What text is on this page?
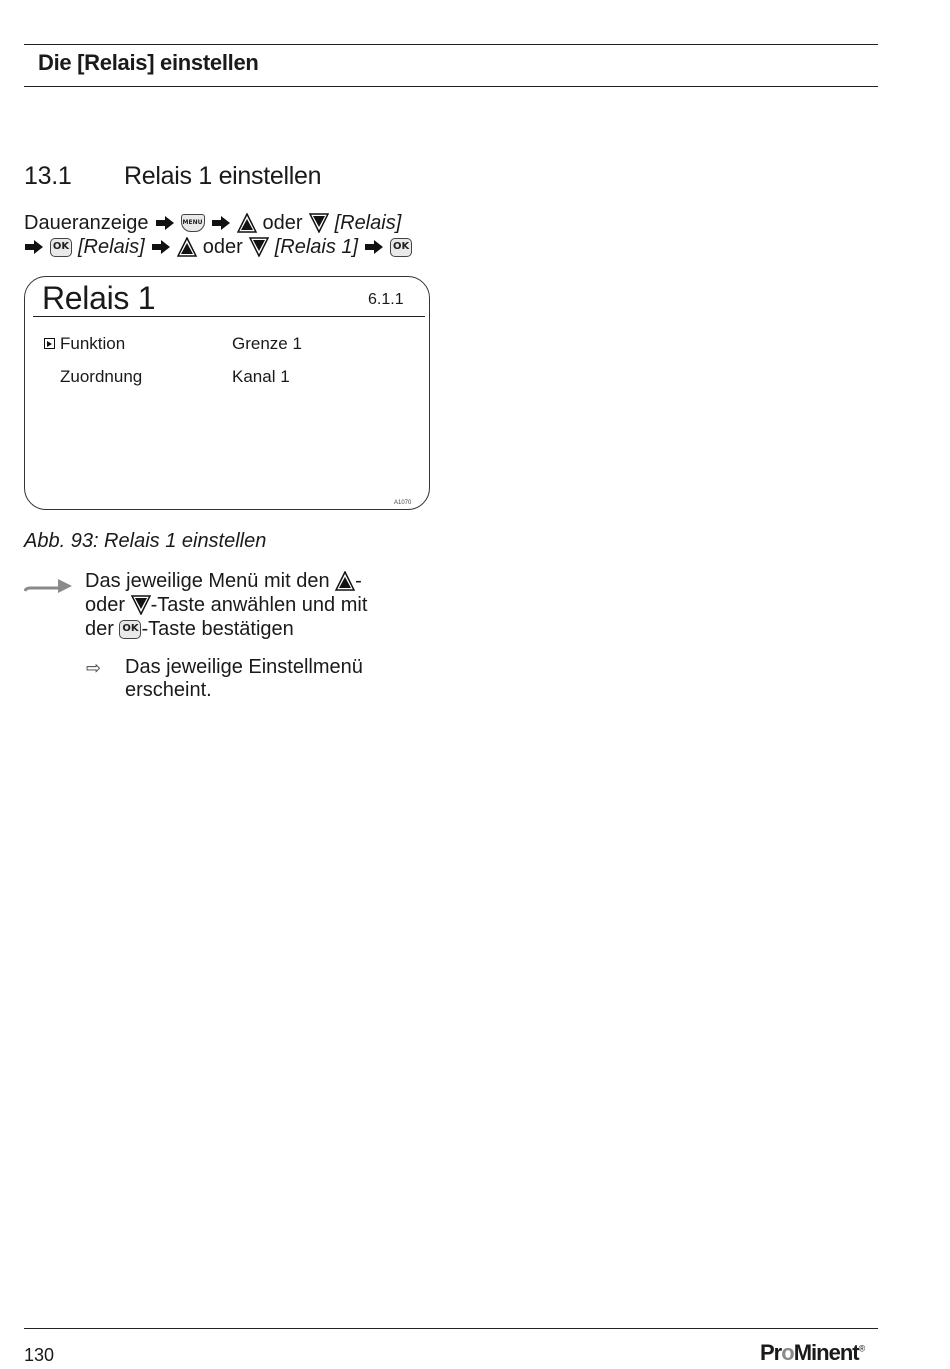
Die [Relais] einstellen
13.1 Relais 1 einstellen
Daueranzeige	MENU	oder [Relais]
OK [Relais]	oder [Relais 1]	OK
Relais 1	6.1.1
Funktion	Grenze 1
Zuordnung	Kanal 1
A1070
Abb. 93: Relais 1 einstellen
Das jeweilige Menü mit den
-
oder
-Taste anwählen und mit
der
OK -Taste bestätigen
⇨ Das jeweilige Einstellmenü
erscheint.
130	ProMinent®
